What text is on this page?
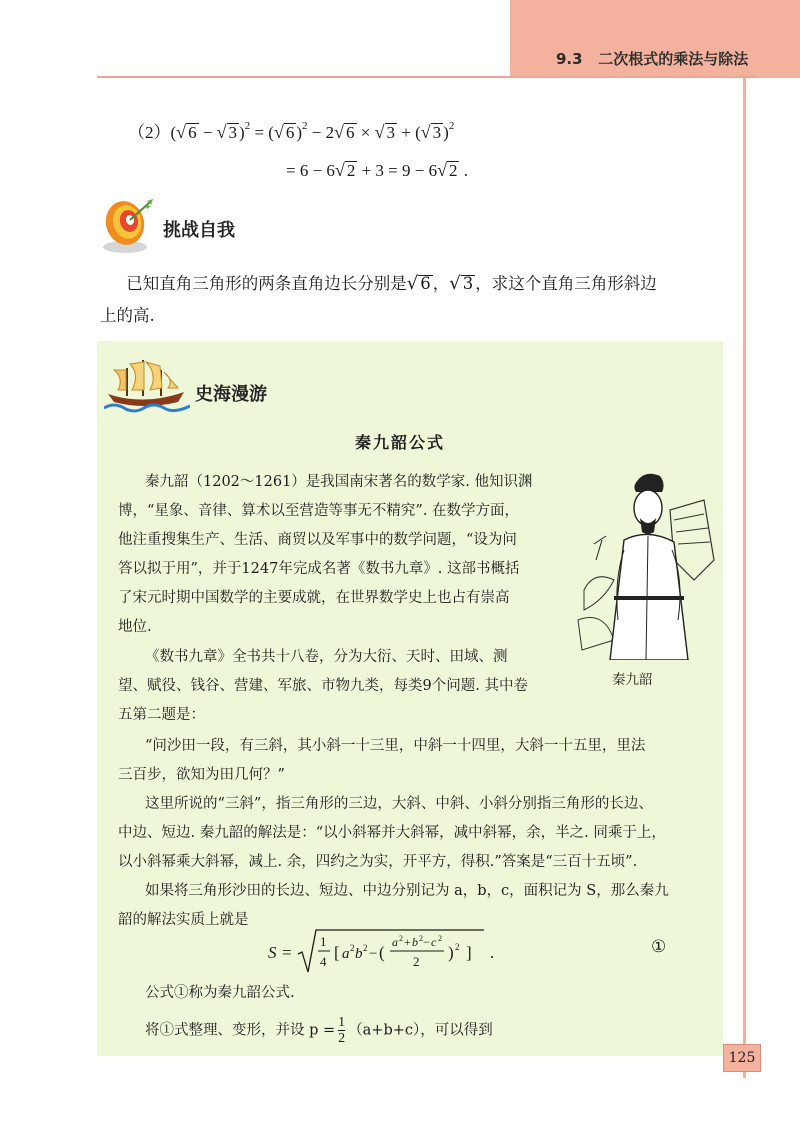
9.3 二次根式的乘法与除法
（2）(√ 6 − √ 3 )$^2$ = (√ 6 )$^2$ − 2√ 6 × √ 3 + (√ 3 )$^2$
= 6 − 6√ 2 + 3 = 9 − 6√ 2 .
挑战自我
已知直角三角形的两条直角边长分别是√ 6 ，√ 3 ，求这个直角三角形斜边
上的高.
史海漫游
秦九韶公式
秦九韶（1202～1261）是我国南宋著名的数学家. 他知识渊
博，“星象、音律、算术以至营造等事无不精究”. 在数学方面，
他注重搜集生产、生活、商贸以及军事中的数学问题，“设为问
答以拟于用”，并于1247年完成名著《数书九章》. 这部书概括
了宋元时期中国数学的主要成就，在世界数学史上也占有崇高
地位.
秦九韶
《数书九章》全书共十八卷，分为大衍、天时、田域、测
望、赋役、钱谷、营建、军旅、市物九类，每类9个问题. 其中卷
五第二题是：
“问沙田一段，有三斜，其小斜一十三里，中斜一十四里，大斜一十五里，里法
三百步，欲知为田几何？”
这里所说的“三斜”，指三角形的三边，大斜、中斜、小斜分别指三角形的长边、
中边、短边. 秦九韶的解法是：“以小斜幂并大斜幂，减中斜幂，余，半之. 同乘于上，
以小斜幂乘大斜幂，减上. 余，四约之为实，开平方，得积.”答案是“三百十五顷”.
如果将三角形沙田的长边、短边、中边分别记为 a，b，c，面积记为 S，那么秦九
韶的解法实质上就是
S =
1
4 [ a 2 b 2 − (
a 2 + b 2 − c 2
2 ) 2 ] .	①
公式①称为秦九韶公式.
将①式整理、变形，并设 $p = \frac{1}{2} (a+b+c)$，可以得到
125
